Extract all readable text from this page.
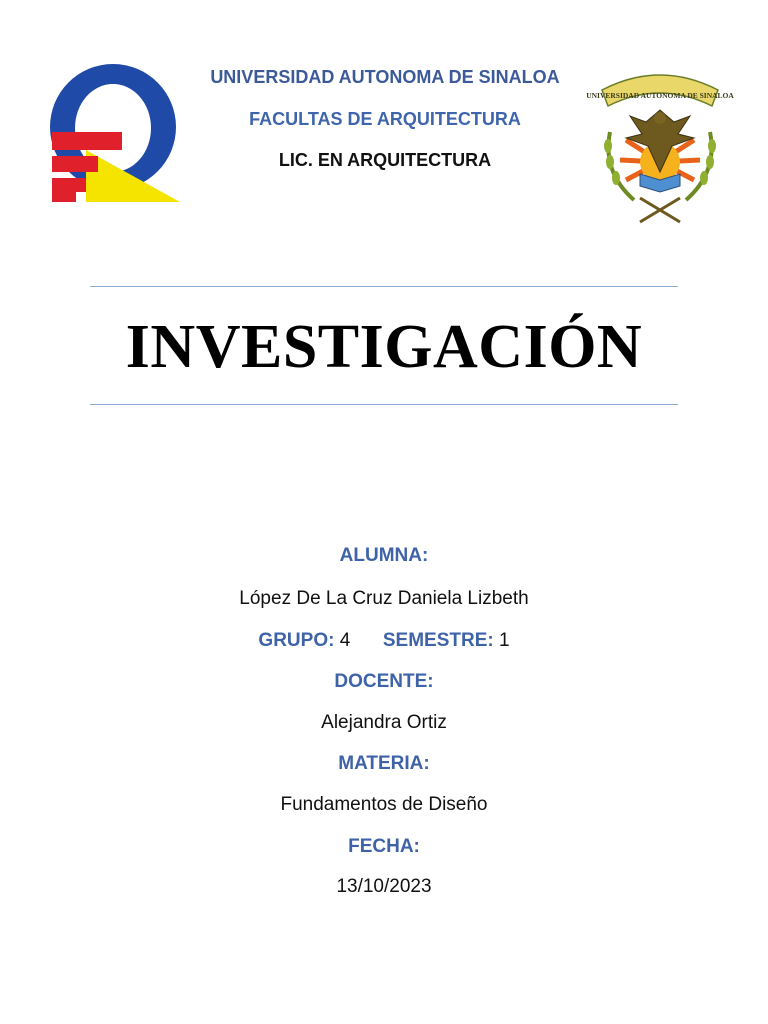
UNIVERSIDAD AUTONOMA DE SINALOA
UNIVERSIDAD AUTONOMA DE SINALOA
FACULTAS DE ARQUITECTURA
LIC. EN ARQUITECTURA
INVESTIGACIÓN
ALUMNA:
López De La Cruz Daniela Lizbeth
GRUPO: 4 SEMESTRE: 1
DOCENTE:
Alejandra Ortiz
MATERIA:
Fundamentos de Diseño
FECHA:
13/10/2023
